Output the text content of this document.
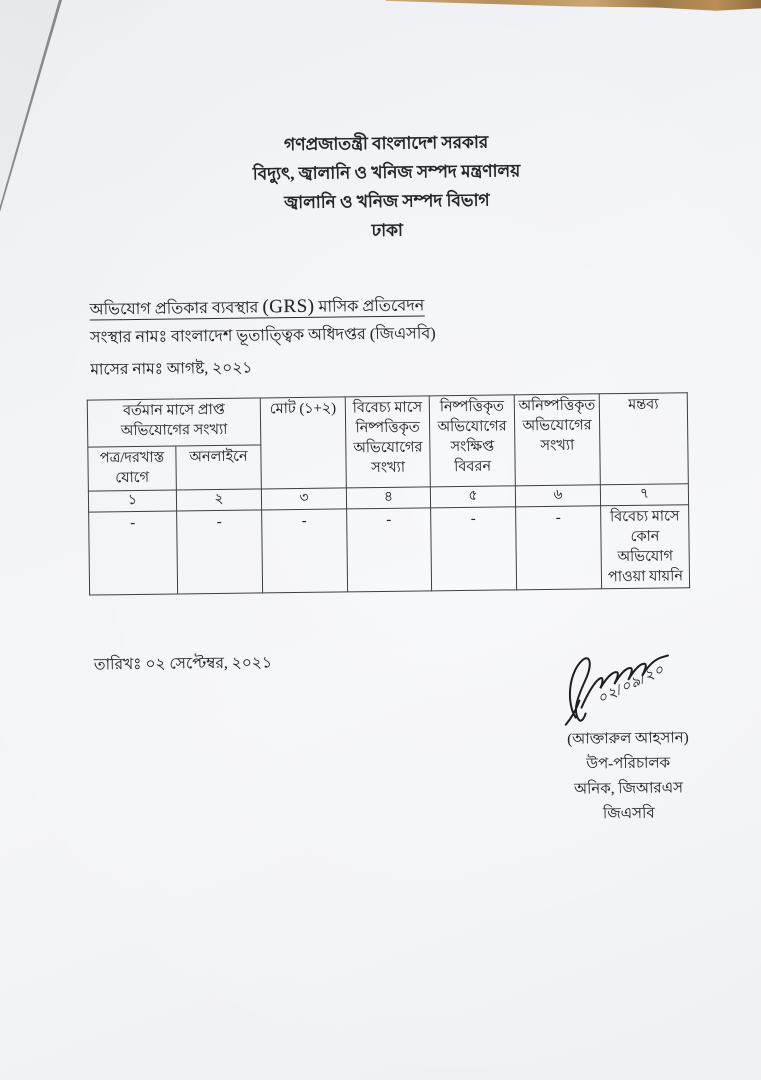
গণপ্রজাতন্ত্রী বাংলাদেশ সরকার
বিদ্যুৎ, জ্বালানি ও খনিজ সম্পদ মন্ত্রণালয়
জ্বালানি ও খনিজ সম্পদ বিভাগ
ঢাকা
অভিযোগ প্রতিকার ব্যবস্থার (GRS) মাসিক প্রতিবেদন
সংস্থার নামঃ বাংলাদেশ ভূতাত্ত্বিক অধিদপ্তর (জিএসবি)
মাসের নামঃ আগষ্ট, ২০২১
বর্তমান মাসে প্রাপ্ত অভিযোগের সংখ্যা		মোট (১+২)	বিবেচ্য মাসে নিষ্পত্তিকৃত অভিযোগের সংখ্যা	নিষ্পত্তিকৃত অভিযোগের সংক্ষিপ্ত বিবরন	অনিষ্পত্তিকৃত অভিযোগের সংখ্যা	মন্তব্য
পত্র/দরখাস্ত যোগে	অনলাইনে					
১	২	৩	৪	৫	৬	৭
-	-	-	-	-	-	বিবেচ্য মাসে কোন অভিযোগ পাওয়া যায়নি
তারিখঃ ০২ সেপ্টেম্বর, ২০২১	০২/০৯/২০
(আক্তারুল আহসান)
উপ-পরিচালক
অনিক, জিআরএস
জিএসবি
